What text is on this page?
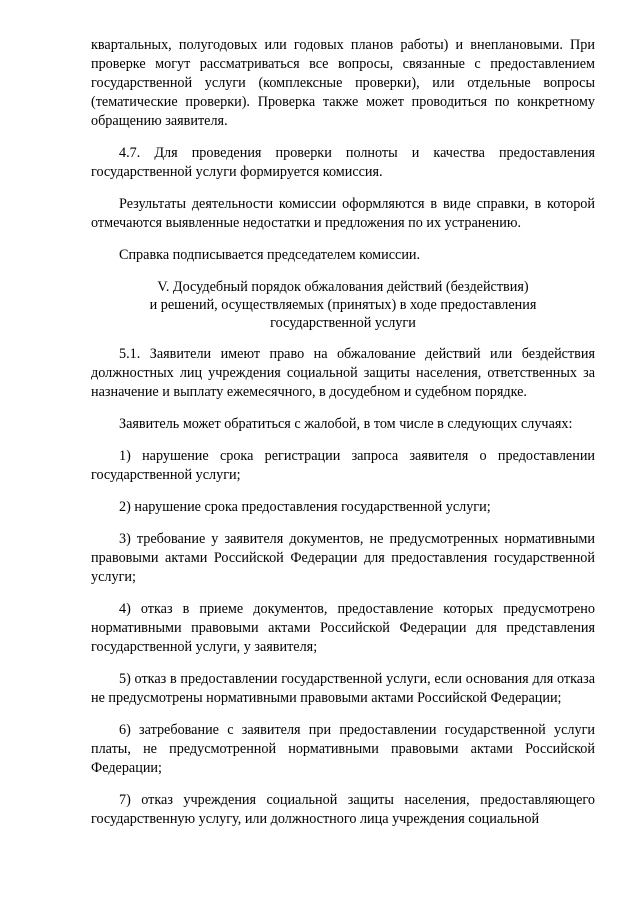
квартальных, полугодовых или годовых планов работы) и внеплановыми. При проверке могут рассматриваться все вопросы, связанные с предоставлением государственной услуги (комплексные проверки), или отдельные вопросы (тематические проверки). Проверка также может проводиться по конкретному обращению заявителя.

4.7. Для проведения проверки полноты и качества предоставления государственной услуги формируется комиссия.

Результаты деятельности комиссии оформляются в виде справки, в которой отмечаются выявленные недостатки и предложения по их устранению.

Справка подписывается председателем комиссии.

V. Досудебный порядок обжалования действий (бездействия)
и решений, осуществляемых (принятых) в ходе предоставления
государственной услуги

5.1. Заявители имеют право на обжалование действий или бездействия должностных лиц учреждения социальной защиты населения, ответственных за назначение и выплату ежемесячного, в досудебном и судебном порядке.

Заявитель может обратиться с жалобой, в том числе в следующих случаях:

1) нарушение срока регистрации запроса заявителя о предоставлении государственной услуги;

2) нарушение срока предоставления государственной услуги;

3) требование у заявителя документов, не предусмотренных нормативными правовыми актами Российской Федерации для предоставления государственной услуги;

4) отказ в приеме документов, предоставление которых предусмотрено нормативными правовыми актами Российской Федерации для представления государственной услуги, у заявителя;

5) отказ в предоставлении государственной услуги, если основания для отказа не предусмотрены нормативными правовыми актами Российской Федерации;

6) затребование с заявителя при предоставлении государственной услуги платы, не предусмотренной нормативными правовыми актами Российской Федерации;

7) отказ учреждения социальной защиты населения, предоставляющего государственную услугу, или должностного лица учреждения социальной
